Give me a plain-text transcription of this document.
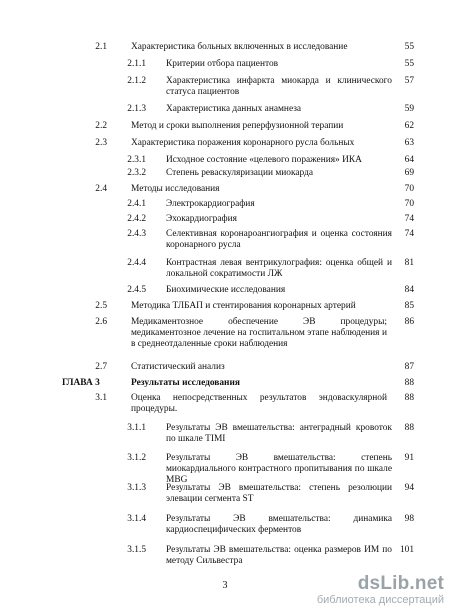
2.1	Характеристика больных включенных в исследование	55
2.1.1 Критерии отбора пациентов	55
2.1.2 Характеристика инфаркта миокарда и клинического статуса пациентов
57
2.1.3 Характеристика данных анамнеза	59
2.2	Метод и сроки выполнения реперфузионной терапии	62
2.3	Характеристика поражения коронарного русла больных	63
2.3.1 Исходное состояние «целевого поражения» ИКА	64
2.3.2 Степень реваскуляризации миокарда	69
2.4	Методы исследования	70
2.4.1 Электрокардиография	70
2.4.2 Эхокардиография	74
2.4.3 Селективная коронароангиография и оценка состояния коронарного русла
74
2.4.4 Контрастная левая вентрикулография: оценка общей и локальной сократимости ЛЖ
81
2.4.5 Биохимические исследования	84
2.5	Методика ТЛБАП и стентирования коронарных артерий	85
2.6	Медикаментозное обеспечение ЭВ процедуры; медикаментозное лечение на госпитальном этапе наблюдения и в среднеотдаленные сроки наблюдения
86
2.7	Статистический анализ	87
ГЛАВА 3	Результаты исследования	88
3.1	Оценка непосредственных результатов эндоваскулярной процедуры.
88
3.1.1 Результаты ЭВ вмешательства: антеградный кровоток по шкале TIMI
88
3.1.2 Результаты ЭВ вмешательства: степень миокардиального контрастного пропитывания по шкале MBG
91
3.1.3 Результаты ЭВ вмешательства: степень резолюции элевации сегмента ST
94
3.1.4 Результаты ЭВ вмешательства: динамика кардиоспецифических ферментов
98
3.1.5 Результаты ЭВ вмешательства: оценка размеров ИМ по методу Сильвестра
101
3	dsLib.net
библиотека диссертаций
